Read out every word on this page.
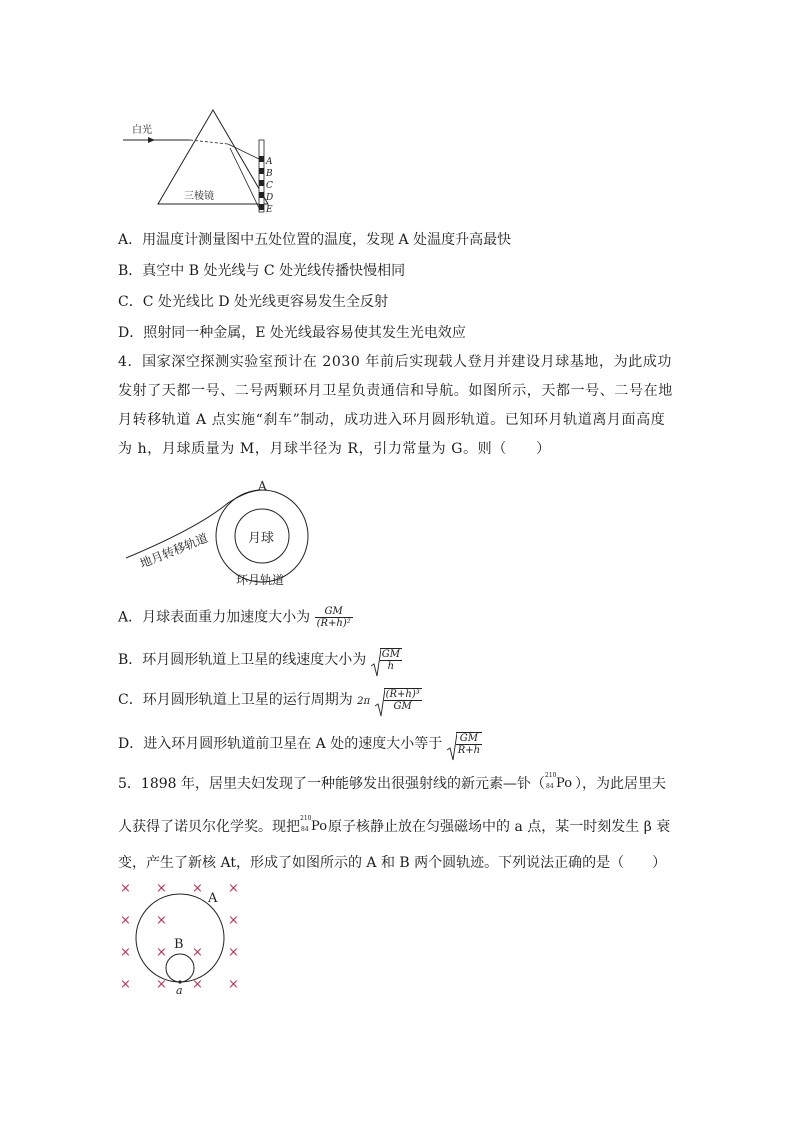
白光
三棱镜
A
B
C
D
E
A．用温度计测量图中五处位置的温度，发现 A 处温度升高最快
B．真空中 B 处光线与 C 处光线传播快慢相同
C．C 处光线比 D 处光线更容易发生全反射
D．照射同一种金属，E 处光线最容易使其发生光电效应
4．国家深空探测实验室预计在 2030 年前后实现载人登月并建设月球基地，为此成功发射了天都一号、二号两颗环月卫星负责通信和导航。如图所示，天都一号、二号在地月转移轨道 A 点实施“刹车”制动，成功进入环月圆形轨道。已知环月轨道离月面高度为 h，月球质量为 M，月球半径为 R，引力常量为 G。则（　　）
月球
A
地月转移轨道
环月轨道
A．月球表面重力加速度大小为 $\frac{GM}{\text{(R+h)²}}$
B．环月圆形轨道上卫星的线速度大小为 $\frac{GM}{h}$
C．环月圆形轨道上卫星的运行周期为 $2\pi \frac{\text{(R+h)³}}{GM}$
D．进入环月圆形轨道前卫星在 A 处的速度大小等于 $\frac{GM}{R+h}$
5．1898 年，居里夫妇发现了一种能够发出很强射线的新元素—钋（
210
84 Po ），为此居里夫
人获得了诺贝尔化学奖。现把
210
84 Po 原子核静止放在匀强磁场中的 a 点，某一时刻发生 β 衰
变，产生了新核 At，形成了如图所示的 A 和 B 两个圆轨迹。下列说法正确的是（　　）
× × × ×
× ×	×
× × × ×
× × × ×
A
B
a
